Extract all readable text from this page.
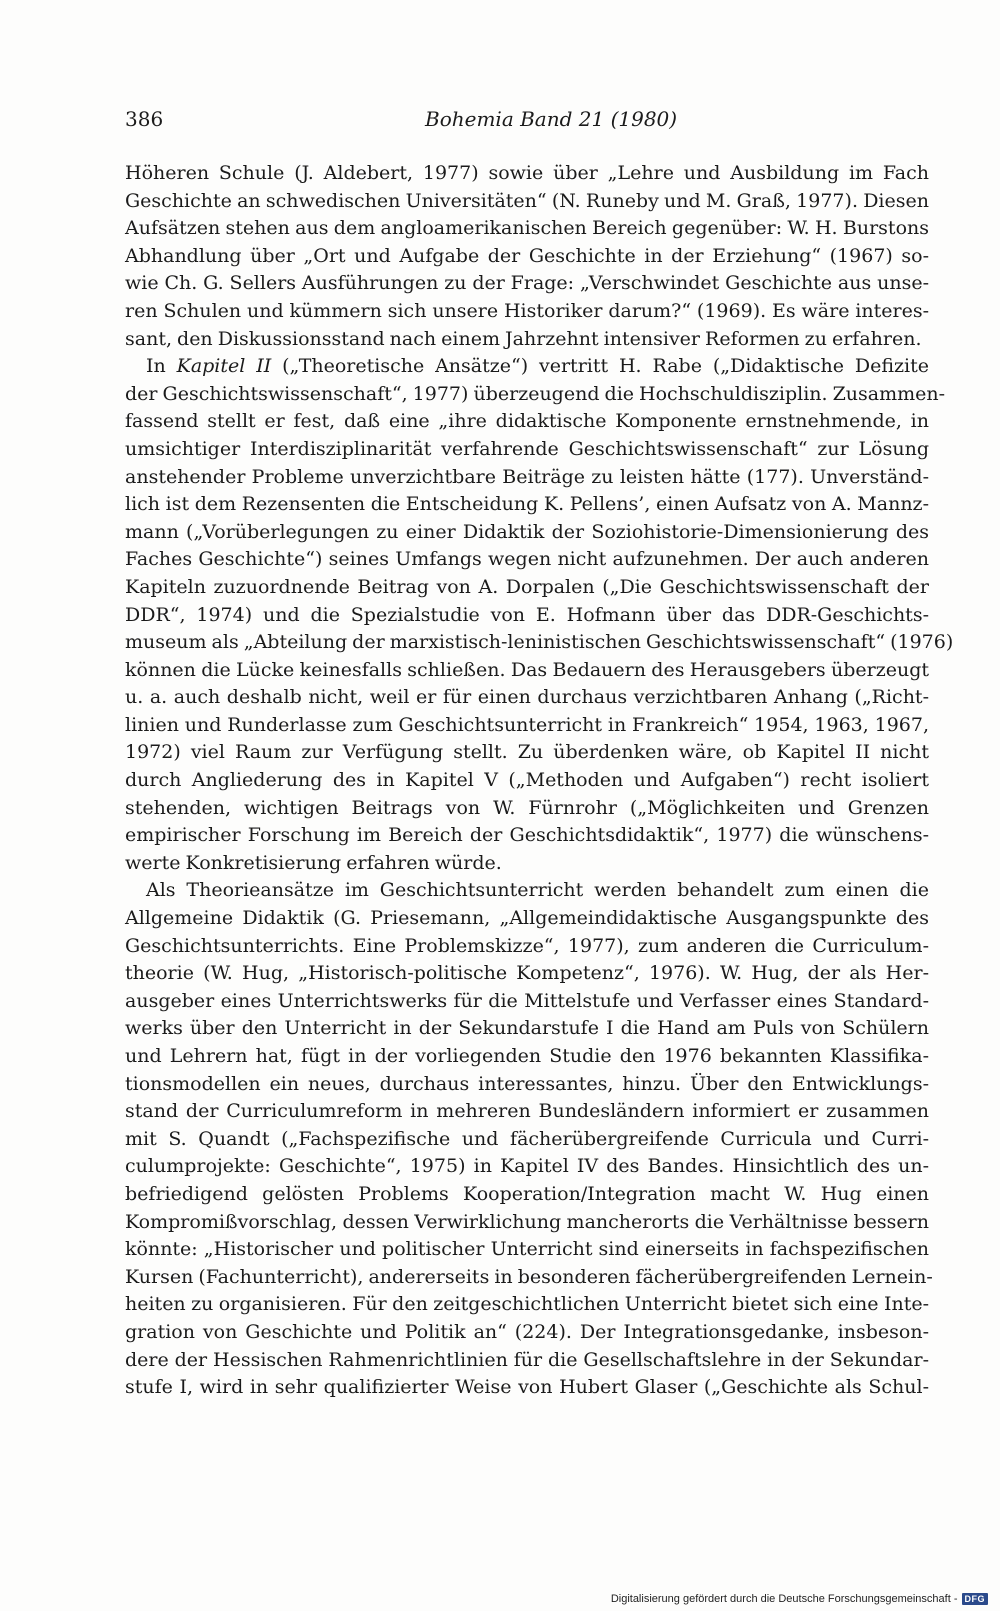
386	Bohemia Band 21 (1980)
Höheren Schule (J. Aldebert, 1977) sowie über „Lehre und Ausbildung im Fach
Geschichte an schwedischen Universitäten“ (N. Runeby und M. Graß, 1977). Diesen
Aufsätzen stehen aus dem angloamerikanischen Bereich gegenüber: W. H. Burstons
Abhandlung über „Ort und Aufgabe der Geschichte in der Erziehung“ (1967) so-
wie Ch. G. Sellers Ausführungen zu der Frage: „Verschwindet Geschichte aus unse-
ren Schulen und kümmern sich unsere Historiker darum?“ (1969). Es wäre interes-
sant, den Diskussionsstand nach einem Jahrzehnt intensiver Reformen zu erfahren.
In Kapitel II („Theoretische Ansätze“) vertritt H. Rabe („Didaktische Defizite
der Geschichtswissenschaft“, 1977) überzeugend die Hochschuldisziplin. Zusammen-
fassend stellt er fest, daß eine „ihre didaktische Komponente ernstnehmende, in
umsichtiger Interdisziplinarität verfahrende Geschichtswissenschaft“ zur Lösung
anstehender Probleme unverzichtbare Beiträge zu leisten hätte (177). Unverständ-
lich ist dem Rezensenten die Entscheidung K. Pellens’, einen Aufsatz von A. Mannz-
mann („Vorüberlegungen zu einer Didaktik der Soziohistorie-Dimensionierung des
Faches Geschichte“) seines Umfangs wegen nicht aufzunehmen. Der auch anderen
Kapiteln zuzuordnende Beitrag von A. Dorpalen („Die Geschichtswissenschaft der
DDR“, 1974) und die Spezialstudie von E. Hofmann über das DDR-Geschichts-
museum als „Abteilung der marxistisch-leninistischen Geschichtswissenschaft“ (1976)
können die Lücke keinesfalls schließen. Das Bedauern des Herausgebers überzeugt
u. a. auch deshalb nicht, weil er für einen durchaus verzichtbaren Anhang („Richt-
linien und Runderlasse zum Geschichtsunterricht in Frankreich“ 1954, 1963, 1967,
1972) viel Raum zur Verfügung stellt. Zu überdenken wäre, ob Kapitel II nicht
durch Angliederung des in Kapitel V („Methoden und Aufgaben“) recht isoliert
stehenden, wichtigen Beitrags von W. Fürnrohr („Möglichkeiten und Grenzen
empirischer Forschung im Bereich der Geschichtsdidaktik“, 1977) die wünschens-
werte Konkretisierung erfahren würde.
Als Theorieansätze im Geschichtsunterricht werden behandelt zum einen die
Allgemeine Didaktik (G. Priesemann, „Allgemeindidaktische Ausgangspunkte des
Geschichtsunterrichts. Eine Problemskizze“, 1977), zum anderen die Curriculum-
theorie (W. Hug, „Historisch-politische Kompetenz“, 1976). W. Hug, der als Her-
ausgeber eines Unterrichtswerks für die Mittelstufe und Verfasser eines Standard-
werks über den Unterricht in der Sekundarstufe I die Hand am Puls von Schülern
und Lehrern hat, fügt in der vorliegenden Studie den 1976 bekannten Klassifika-
tionsmodellen ein neues, durchaus interessantes, hinzu. Über den Entwicklungs-
stand der Curriculumreform in mehreren Bundesländern informiert er zusammen
mit S. Quandt („Fachspezifische und fächerübergreifende Curricula und Curri-
culumprojekte: Geschichte“, 1975) in Kapitel IV des Bandes. Hinsichtlich des un-
befriedigend gelösten Problems Kooperation/Integration macht W. Hug einen
Kompromißvorschlag, dessen Verwirklichung mancherorts die Verhältnisse bessern
könnte: „Historischer und politischer Unterricht sind einerseits in fachspezifischen
Kursen (Fachunterricht), andererseits in besonderen fächerübergreifenden Lernein-
heiten zu organisieren. Für den zeitgeschichtlichen Unterricht bietet sich eine Inte-
gration von Geschichte und Politik an“ (224). Der Integrationsgedanke, insbeson-
dere der Hessischen Rahmenrichtlinien für die Gesellschaftslehre in der Sekundar-
stufe I, wird in sehr qualifizierter Weise von Hubert Glaser („Geschichte als Schul-
Digitalisierung gefördert durch die Deutsche Forschungsgemeinschaft - DFG
